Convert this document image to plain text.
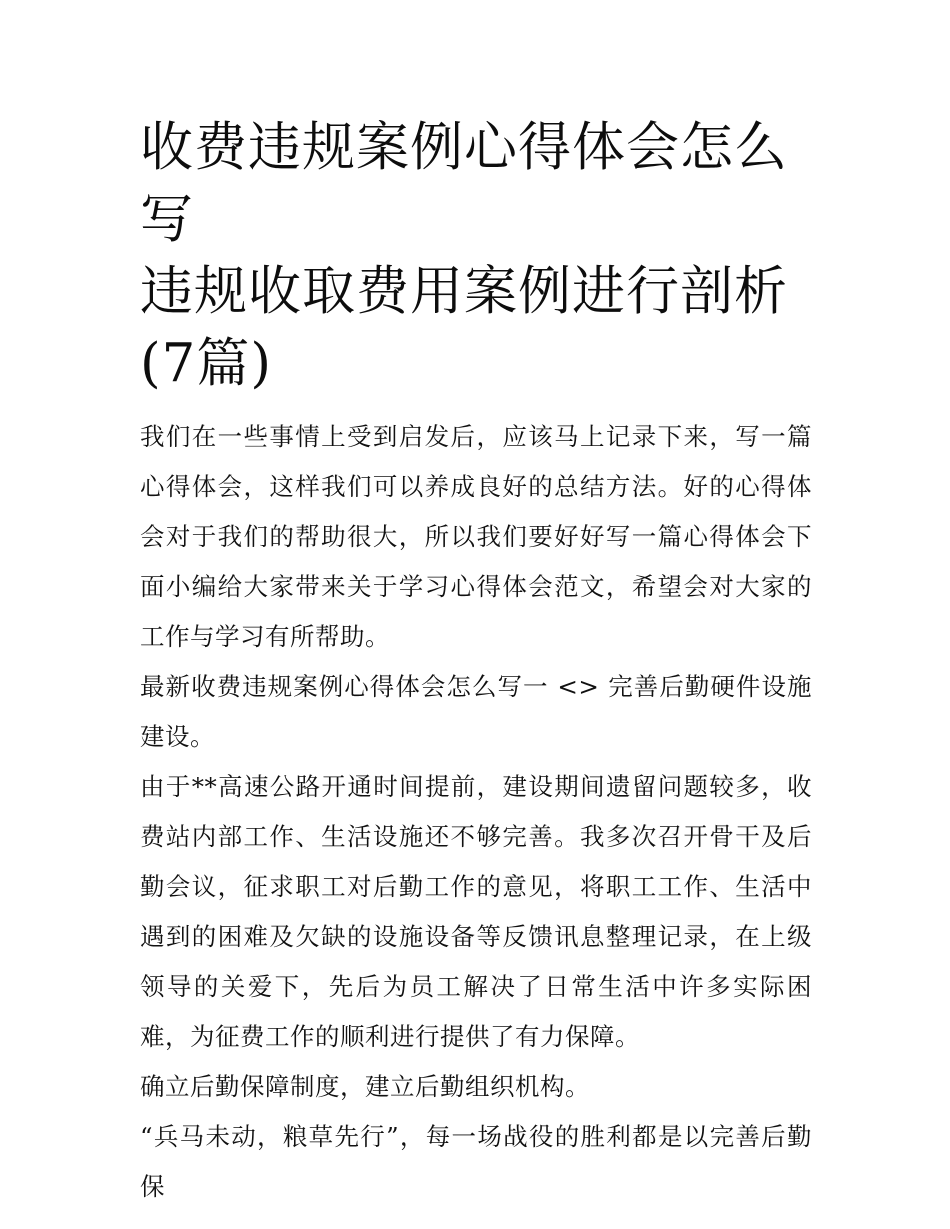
收费违规案例心得体会怎么写
违规收取费用案例进行剖析(7篇)

我们在一些事情上受到启发后，应该马上记录下来，写一篇心得体会，这样我们可以养成良好的总结方法。好的心得体会对于我们的帮助很大，所以我们要好好写一篇心得体会下面小编给大家带来关于学习心得体会范文，希望会对大家的工作与学习有所帮助。

最新收费违规案例心得体会怎么写一 <> 完善后勤硬件设施建设。

由于**高速公路开通时间提前，建设期间遗留问题较多，收费站内部工作、生活设施还不够完善。我多次召开骨干及后勤会议，征求职工对后勤工作的意见，将职工工作、生活中遇到的困难及欠缺的设施设备等反馈讯息整理记录，在上级领导的关爱下，先后为员工解决了日常生活中许多实际困难，为征费工作的顺利进行提供了有力保障。

确立后勤保障制度，建立后勤组织机构。

“兵马未动，粮草先行”，每一场战役的胜利都是以完善后勤保
